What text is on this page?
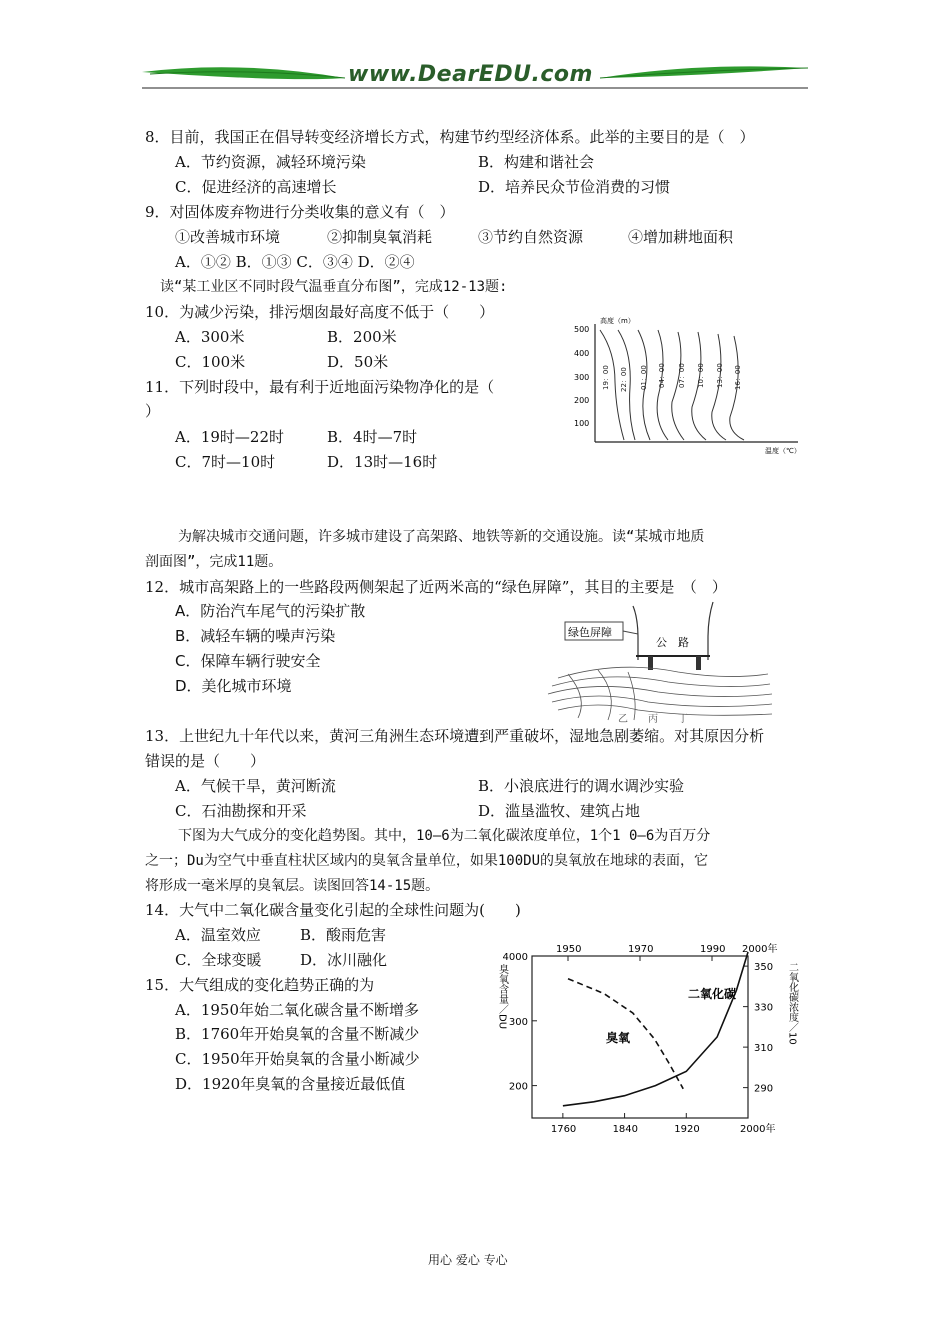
www.DearEDU.com
8．目前，我国正在倡导转变经济增长方式，构建节约型经济体系。此举的主要目的是（　）
A．节约资源，减轻环境污染	B．构建和谐社会
C．促进经济的高速增长	D．培养民众节俭消费的习惯
9．对固体废弃物进行分类收集的意义有（　）
①改善城市环境	②抑制臭氧消耗	③节约自然资源	④增加耕地面积
A．①② B．①③ C．③④ D．②④
读“某工业区不同时段气温垂直分布图”，完成12-13题:
10．为减少污染，排污烟囱最好高度不低于（　　）
A．300米	B．200米
C．100米	D．50米
11．下列时段中，最有利于近地面污染物净化的是（
）
A．19时—22时	B．4时—7时
C．7时—10时	D．13时—16时
高度（m）
500
400
300
200
100
温度（℃）
19：00 22：00 01：00 04：00 07：00 10：00 13：00 16：00
为解决城市交通问题，许多城市建设了高架路、地铁等新的交通设施。读“某城市地质
剖面图”，完成11题。
12．城市高架路上的一些路段两侧架起了近两米高的“绿色屏障”，其目的主要是　（　）
A．防治汽车尾气的污染扩散
B．减轻车辆的噪声污染
C．保障车辆行驶安全
D．美化城市环境
绿色屏障
公　路
乙　　丙　　丁
13．上世纪九十年代以来，黄河三角洲生态环境遭到严重破坏，湿地急剧萎缩。对其原因分析
错误的是（　　）
A．气候干旱，黄河断流	B．小浪底进行的调水调沙实验
C．石油勘探和开采	D．滥垦滥牧、建筑占地
下图为大气成分的变化趋势图。其中，10—6为二氧化碳浓度单位，1个1 0—6为百万分
之一；Du为空气中垂直柱状区域内的臭氧含量单位，如果100DU的臭氧放在地球的表面，它
将形成一毫米厚的臭氧层。读图回答14-15题。
14．大气中二氧化碳含量变化引起的全球性问题为(　　)
A．温室效应	B．酸雨危害
C．全球变暖	D．冰川融化
15．大气组成的变化趋势正确的为
A．1950年始二氧化碳含量不断增多
B．1760年开始臭氧的含量不断减少
C．1950年开始臭氧的含量小断减少
D．1920年臭氧的含量接近最低值
1950	1970	1990 2000年
1760	1840	1920	2000年
4000
300
200
350
330
310
290
臭氧含量／DU	二氧化碳浓度／10
二氧化碳
臭氧
用心 爱心 专心
